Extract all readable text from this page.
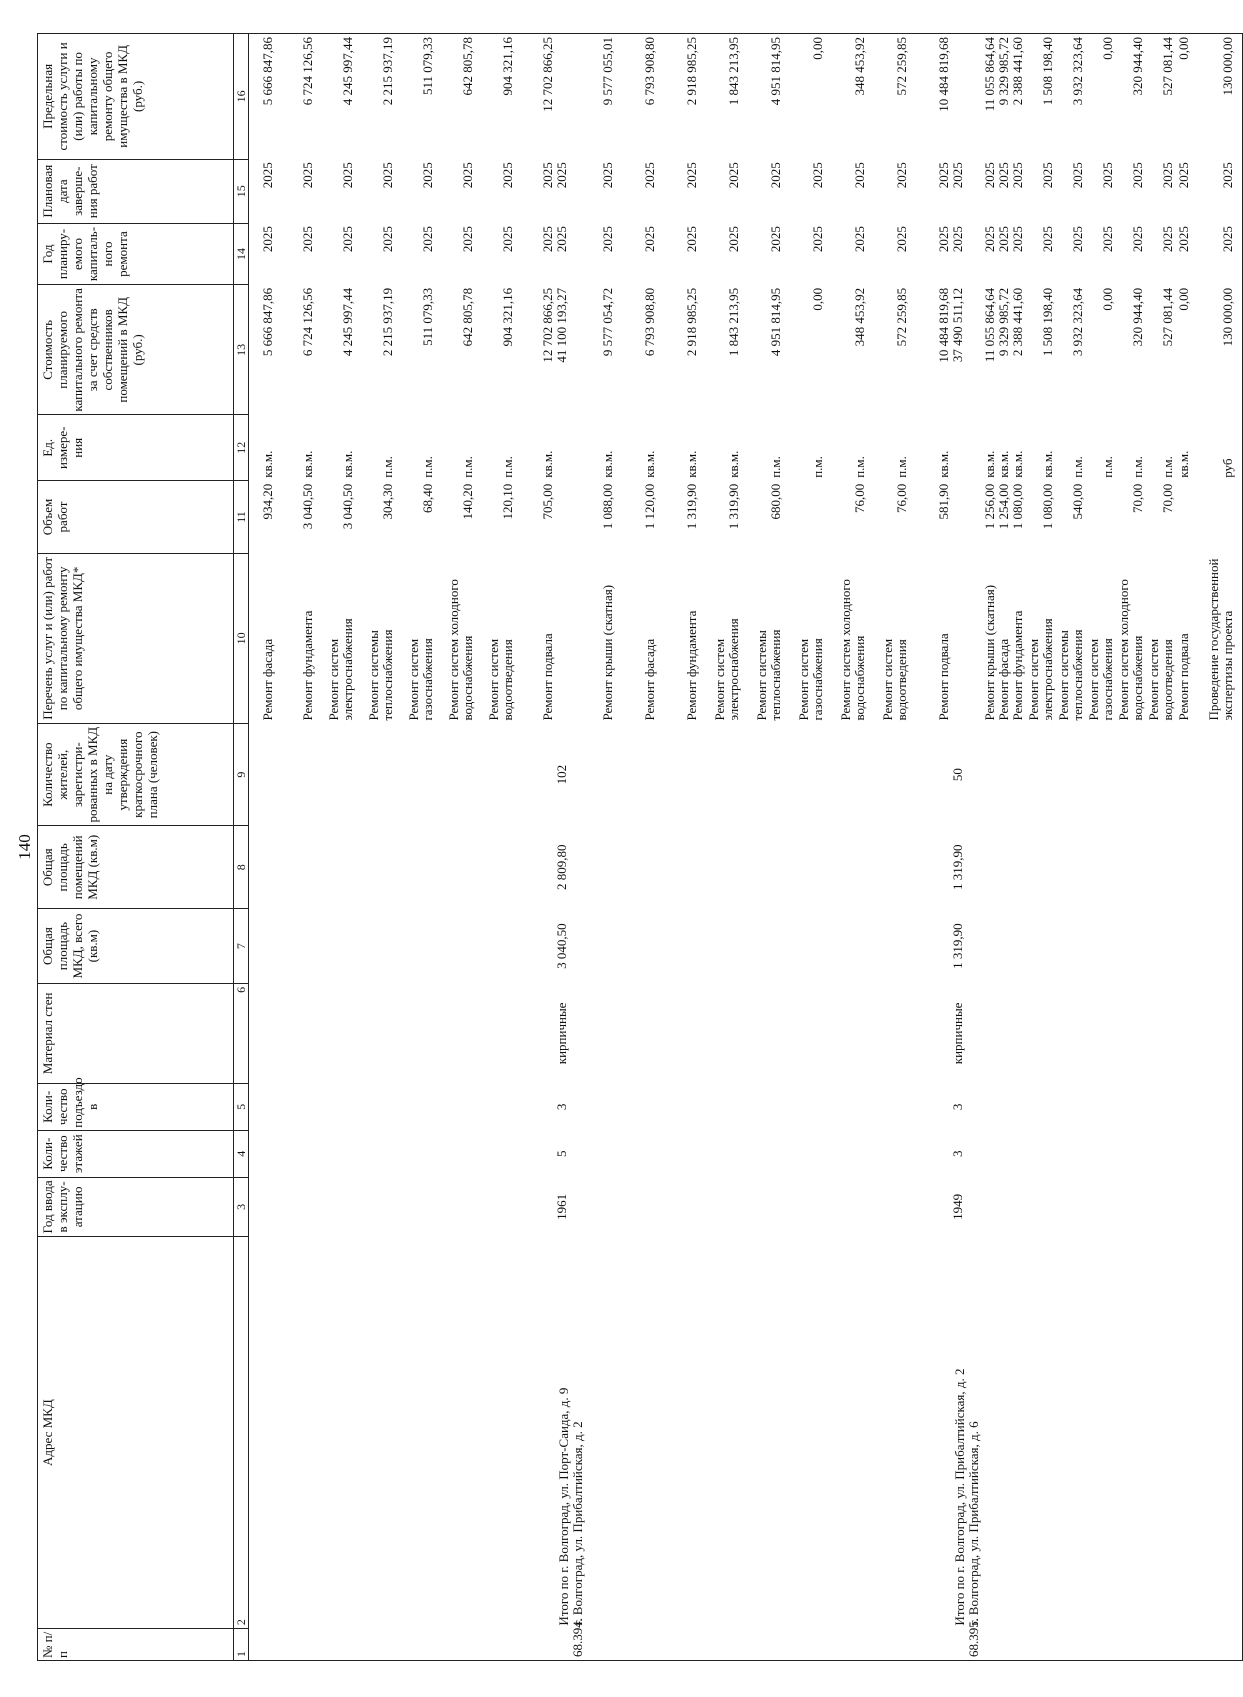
140
№ п/п	Адрес МКД	Год ввода в эксплу-атацию	Коли-чество этажей	Коли-чество подъездо в	Материал стен	Общая площадь МКД, всего (кв.м)	Общая площадь помещений МКД (кв.м)	Количество жителей, зарегистри-рованных в МКД на дату утверждения краткосрочного плана (человек)	Перечень услуг и (или) работ по капитальному ремонту общего имущества МКД*	Объем работ	Ед. измере-ния	Стоимость планируемого капитального ремонта за счет средств собственников помещений в МКД (руб.)	Год планиру-емого капиталь-ного ремонта	Плановая дата заверше-ния работ	Предельная стоимость услуги и (или) работы по капитальному ремонту общего имущества в МКД (руб.)
1	2	3	4	5	6	7	8	9	10	11	12	13	14	15	16
									Ремонт фасада	934,20	кв.м.	5 666 847,86	2025	2025	5 666 847,86
									Ремонт фундамента	3 040,50	кв.м.	6 724 126,56	2025	2025	6 724 126,56
									Ремонт систем электроснабжения	3 040,50	кв.м.	4 245 997,44	2025	2025	4 245 997,44
									Ремонт системы теплоснабжения	304,30	п.м.	2 215 937,19	2025	2025	2 215 937,19
									Ремонт систем газоснабжения	68,40	п.м.	511 079,33	2025	2025	511 079,33
									Ремонт систем холодного водоснабжения	140,20	п.м.	642 805,78	2025	2025	642 805,78
									Ремонт систем водоотведения	120,10	п.м.	904 321,16	2025	2025	904 321,16
									Ремонт подвала	705,00	кв.м.	12 702 866,25	2025	2025	12 702 866,25
68.394.	Итого по г. Волгоград, ул. Порт-Саида, д. 9 г. Волгоград, ул. Прибалтийская, д. 2	1961	5	3	кирпичные	3 040,50	2 809,80	102				41 100 193,27	2025	2025	
									Ремонт крыши (скатная)	1 088,00	кв.м.	9 577 054,72	2025	2025	9 577 055,01
									Ремонт фасада	1 120,00	кв.м.	6 793 908,80	2025	2025	6 793 908,80
									Ремонт фундамента	1 319,90	кв.м.	2 918 985,25	2025	2025	2 918 985,25
									Ремонт систем электроснабжения	1 319,90	кв.м.	1 843 213,95	2025	2025	1 843 213,95
									Ремонт системы теплоснабжения	680,00	п.м.	4 951 814,95	2025	2025	4 951 814,95
									Ремонт систем газоснабжения		п.м.	0,00	2025	2025	0,00
									Ремонт систем холодного водоснабжения	76,00	п.м.	348 453,92	2025	2025	348 453,92
									Ремонт систем водоотведения	76,00	п.м.	572 259,85	2025	2025	572 259,85
									Ремонт подвала	581,90	кв.м.	10 484 819,68	2025	2025	10 484 819,68
68.395.	Итого по г. Волгоград, ул. Прибалтийская, д. 2 г. Волгоград, ул. Прибалтийская, д. 6	1949	3	3	кирпичные	1 319,90	1 319,90	50				37 490 511,12	2025	2025	
									Ремонт крыши (скатная)	1 256,00	кв.м.	11 055 864,64	2025	2025	11 055 864,64
									Ремонт фасада	1 254,00	кв.м.	9 329 985,72	2025	2025	9 329 985,72
									Ремонт фундамента	1 080,00	кв.м.	2 388 441,60	2025	2025	2 388 441,60
									Ремонт систем электроснабжения	1 080,00	кв.м.	1 508 198,40	2025	2025	1 508 198,40
									Ремонт системы теплоснабжения	540,00	п.м.	3 932 323,64	2025	2025	3 932 323,64
									Ремонт систем газоснабжения		п.м.	0,00	2025	2025	0,00
									Ремонт систем холодного водоснабжения	70,00	п.м.	320 944,40	2025	2025	320 944,40
									Ремонт систем водоотведения	70,00	п.м.	527 081,44	2025	2025	527 081,44
									Ремонт подвала		кв.м.	0,00	2025	2025	0,00
									Проведение государственной экспертизы проекта		руб	130 000,00	2025	2025	130 000,00
